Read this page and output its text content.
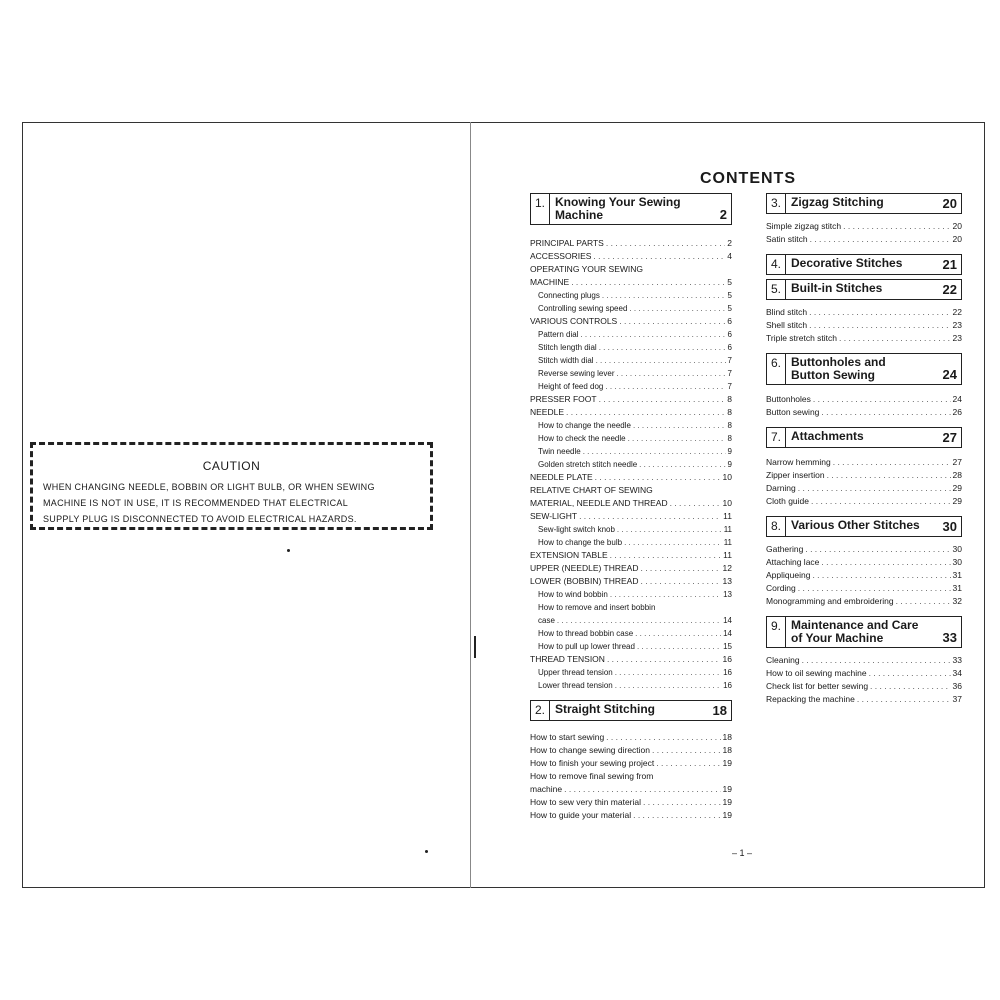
CAUTION
WHEN CHANGING NEEDLE, BOBBIN OR LIGHT BULB, OR WHEN SEWING
MACHINE IS NOT IN USE, IT IS RECOMMENDED THAT ELECTRICAL
SUPPLY PLUG IS DISCONNECTED TO AVOID ELECTRICAL HAZARDS.
CONTENTS
1. Knowing Your Sewing
Machine	2
PRINCIPAL PARTS . . .	2
ACCESSORIES . . .	4
OPERATING YOUR SEWING
MACHINE . . .	5
Connecting plugs . . .	5
Controlling sewing speed . . .	5
VARIOUS CONTROLS . . .	6
Pattern dial . . .	6
Stitch length dial . . .	6
Stitch width dial . . .	7
Reverse sewing lever . . .	7
Height of feed dog . . .	7
PRESSER FOOT . . .	8
NEEDLE . . .	8
How to change the needle . . .	8
How to check the needle . . .	8
Twin needle . . .	9
Golden stretch stitch needle . . .	9
NEEDLE PLATE . . .	10
RELATIVE CHART OF SEWING
MATERIAL, NEEDLE AND THREAD . . .	10
SEW-LIGHT . . .	11
Sew-light switch knob . . .	11
How to change the bulb . . .	11
EXTENSION TABLE . . .	11
UPPER (NEEDLE) THREAD . . .	12
LOWER (BOBBIN) THREAD . . .	13
How to wind bobbin . . .	13
How to remove and insert bobbin
case . . .	14
How to thread bobbin case . . .	14
How to pull up lower thread . . .	15
THREAD TENSION . . .	16
Upper thread tension . . .	16
Lower thread tension . . .	16
2. Straight Stitching	18
How to start sewing . . .	18
How to change sewing direction . . .	18
How to finish your sewing project . . .	19
How to remove final sewing from
machine . . .	19
How to sew very thin material . . .	19
How to guide your material . . .	19
3. Zigzag Stitching	20
Simple zigzag stitch . . .	20
Satin stitch . . .	20
4. Decorative Stitches	21
5. Built-in Stitches	22
Blind stitch . . .	22
Shell stitch . . .	23
Triple stretch stitch . . .	23
6. Buttonholes and
Button Sewing	24
Buttonholes . . .	24
Button sewing . . .	26
7. Attachments	27
Narrow hemming . . .	27
Zipper insertion . . .	28
Darning . . .	29
Cloth guide . . .	29
8. Various Other Stitches	30
Gathering . . .	30
Attaching lace . . .	30
Appliqueing . . .	31
Cording . . .	31
Monogramming and embroidering . . .	32
9. Maintenance and Care
of Your Machine	33
Cleaning . . .	33
How to oil sewing machine . . .	34
Check list for better sewing . . .	36
Repacking the machine . . .	37
– 1 –
